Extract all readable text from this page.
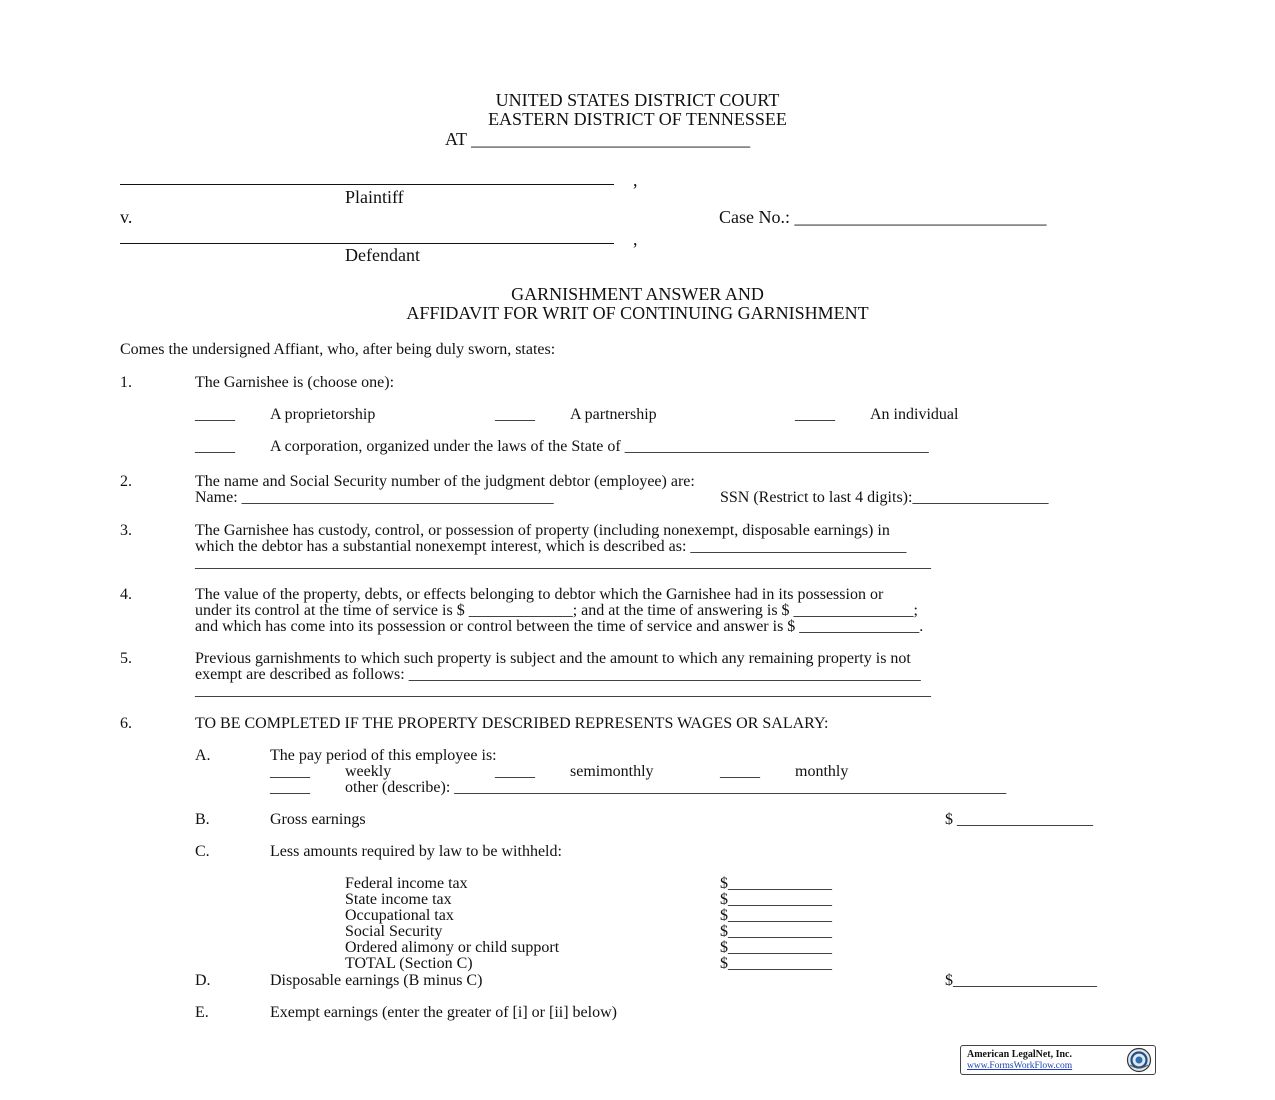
UNITED STATES DISTRICT COURT
EASTERN DISTRICT OF TENNESSEE
AT _______________________________
,
Plaintiff
v.	Case No.: ____________________________
,
Defendant
GARNISHMENT ANSWER AND
AFFIDAVIT FOR WRIT OF CONTINUING GARNISHMENT
Comes the undersigned Affiant, who, after being duly sworn, states:
1.	The Garnishee is (choose one):
_____ A proprietorship	_____ A partnership	_____ An individual
_____ A corporation, organized under the laws of the State of ______________________________________
2.	The name and Social Security number of the judgment debtor (employee) are:
Name: _______________________________________	SSN (Restrict to last 4 digits):_________________
3.	The Garnishee has custody, control, or possession of property (including nonexempt, disposable earnings) in
which the debtor has a substantial nonexempt interest, which is described as: ___________________________
____________________________________________________________________________________________
4.	The value of the property, debts, or effects belonging to debtor which the Garnishee had in its possession or
under its control at the time of service is $ _____________; and at the time of answering is $ _______________;
and which has come into its possession or control between the time of service and answer is $ _______________.
5.	Previous garnishments to which such property is subject and the amount to which any remaining property is not
exempt are described as follows: ________________________________________________________________
____________________________________________________________________________________________
6.	TO BE COMPLETED IF THE PROPERTY DESCRIBED REPRESENTS WAGES OR SALARY:
A.	The pay period of this employee is:
_____ weekly	_____ semimonthly	_____ monthly
_____ other (describe): _____________________________________________________________________
B.	Gross earnings	$ _________________
C.	Less amounts required by law to be withheld:
Federal income tax	$_____________
State income tax	$_____________
Occupational tax	$_____________
Social Security	$_____________
Ordered alimony or child support	$_____________
TOTAL (Section C)	$_____________
D.	Disposable earnings (B minus C)	$__________________
E.	Exempt earnings (enter the greater of [i] or [ii] below)
American LegalNet, Inc.
www.FormsWorkFlow.com
